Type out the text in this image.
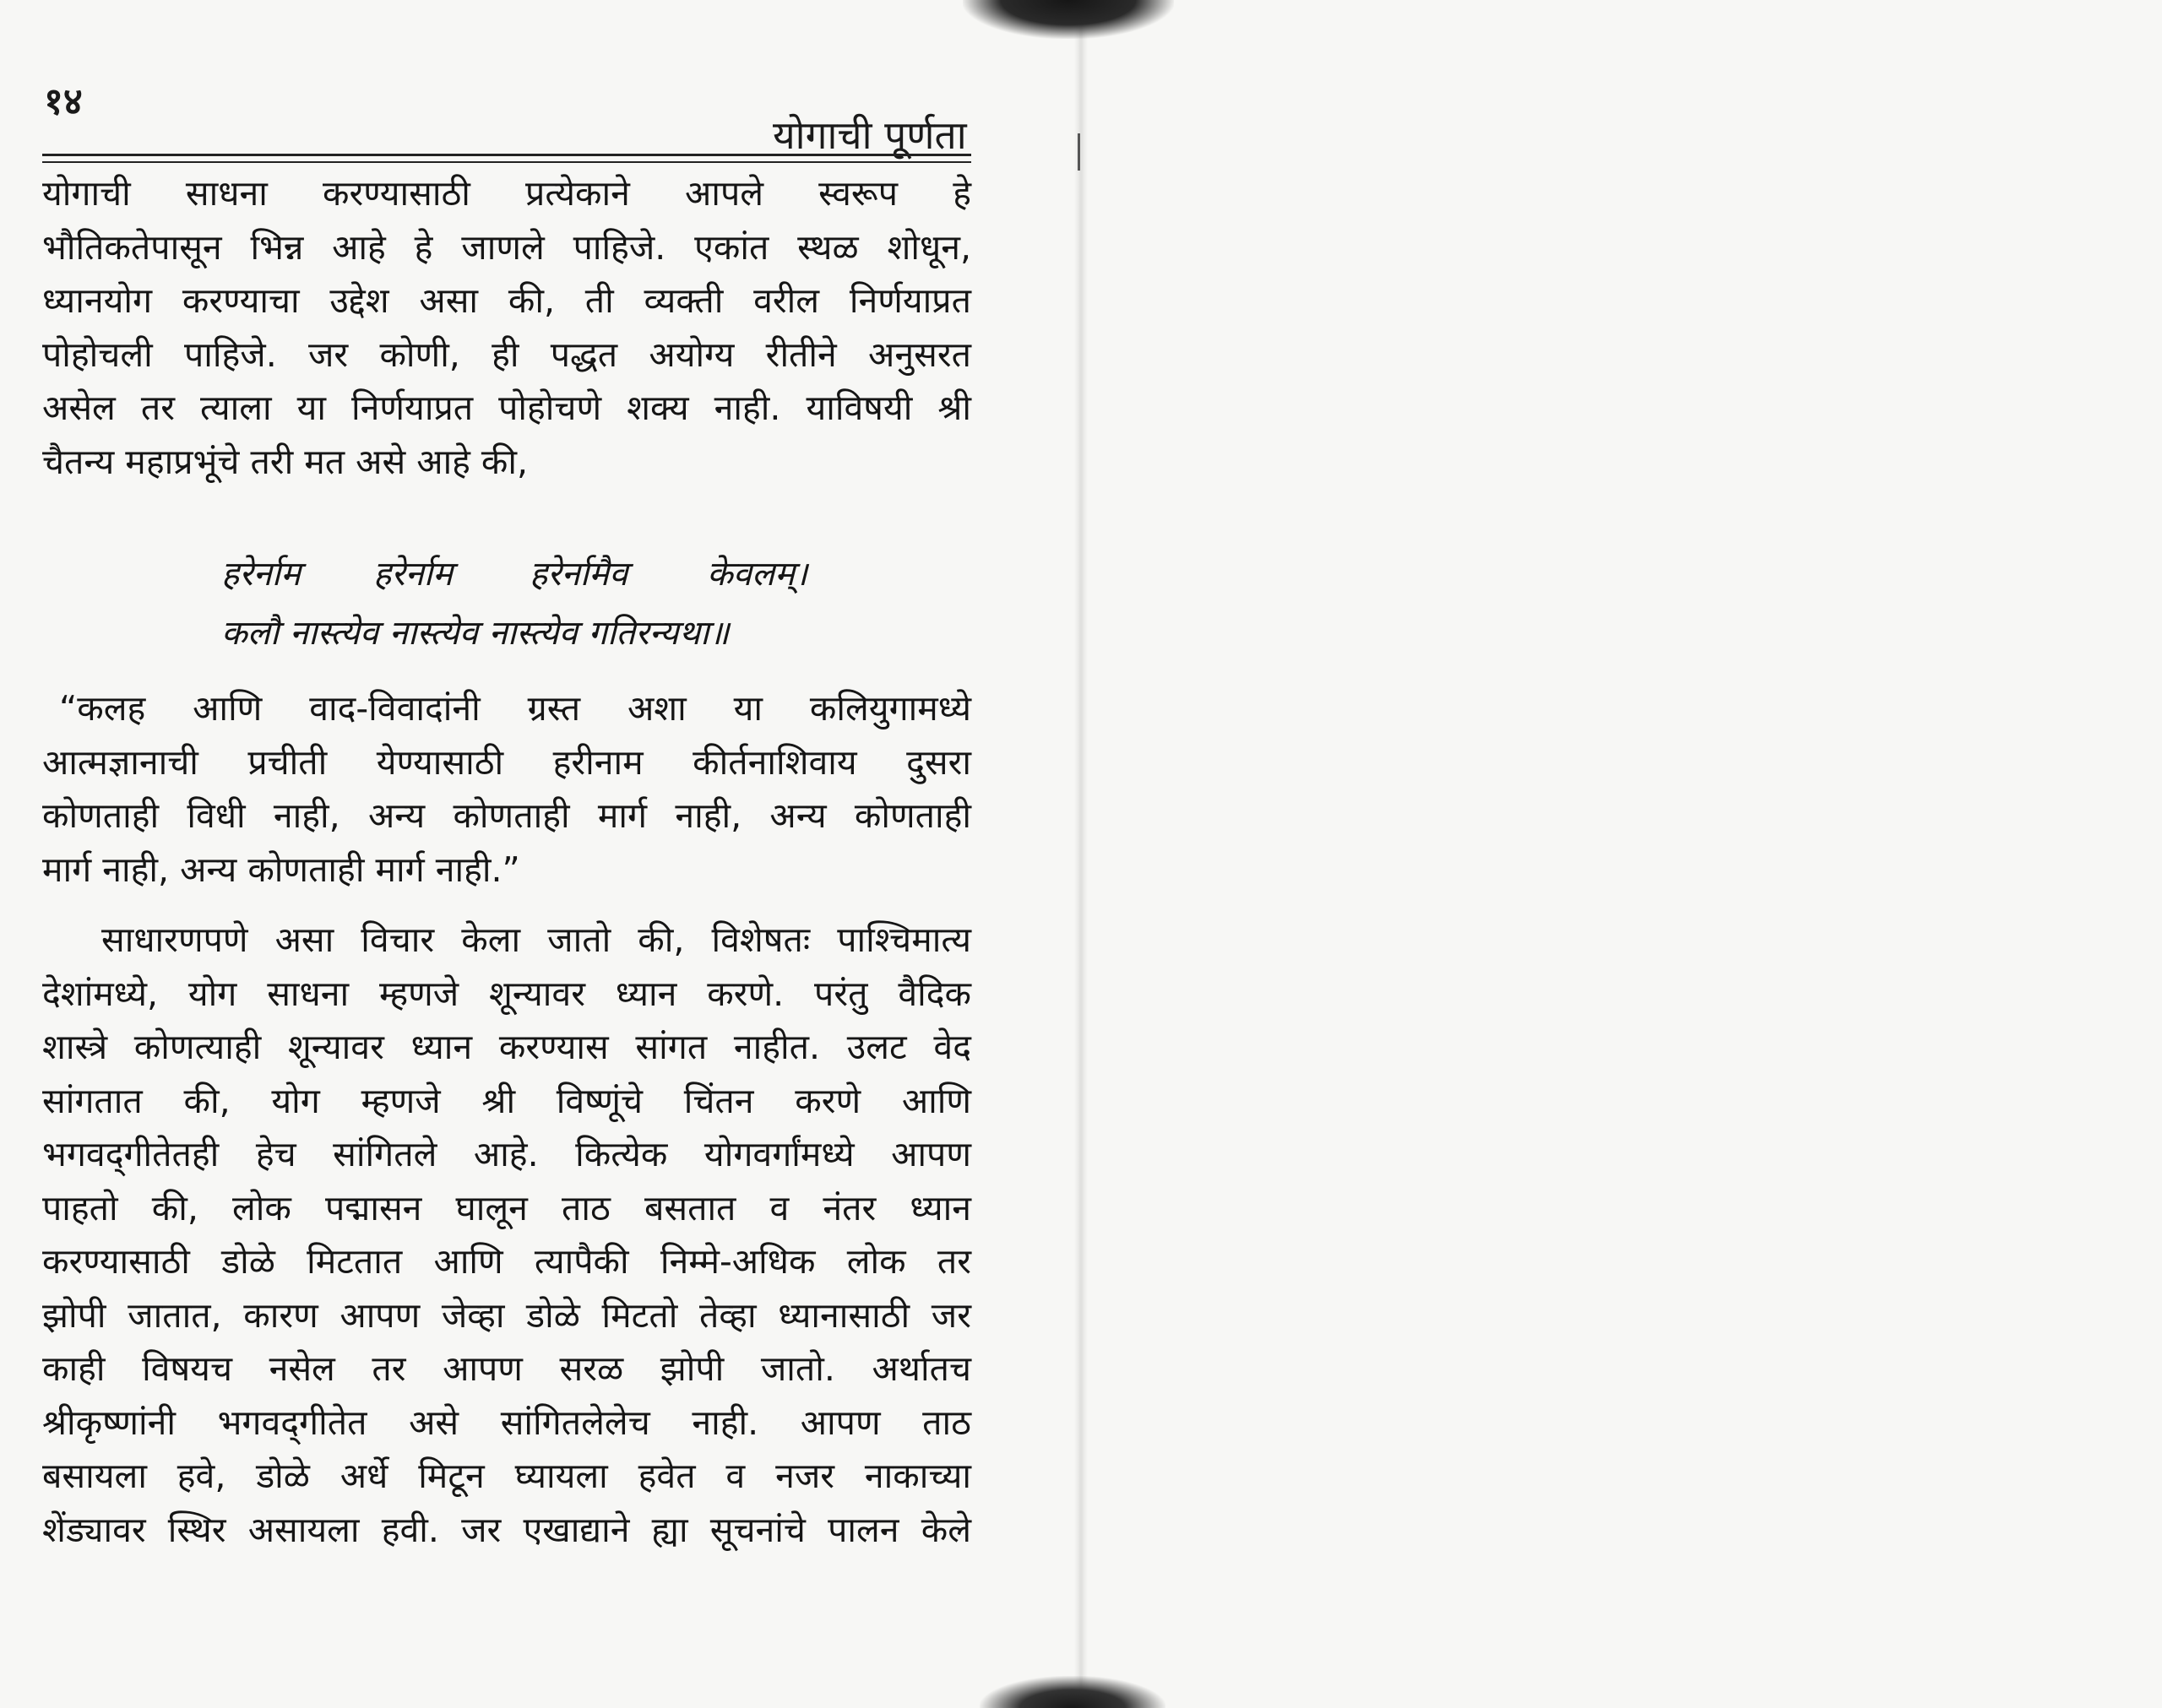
१४
योगाची पूर्णता
योगाची साधना करण्यासाठी प्रत्येकाने आपले स्वरूप हे
भौतिकतेपासून भिन्न आहे हे जाणले पाहिजे. एकांत स्थळ शोधून,
ध्यानयोग करण्याचा उद्देश असा की, ती व्यक्ती वरील निर्णयाप्रत
पोहोचली पाहिजे. जर कोणी, ही पद्धत अयोग्य रीतीने अनुसरत
असेल तर त्याला या निर्णयाप्रत पोहोचणे शक्य नाही. याविषयी श्री
चैतन्य महाप्रभूंचे तरी मत असे आहे की,
हरेर्नाम हरेर्नाम हरेर्नामैव केवलम्।
कलौ नास्त्येव नास्त्येव नास्त्येव गतिरन्यथा॥
“कलह आणि वाद-विवादांनी ग्रस्त अशा या कलियुगामध्ये
आत्मज्ञानाची प्रचीती येण्यासाठी हरीनाम कीर्तनाशिवाय दुसरा
कोणताही विधी नाही, अन्य कोणताही मार्ग नाही, अन्य कोणताही
मार्ग नाही, अन्य कोणताही मार्ग नाही.”
साधारणपणे असा विचार केला जातो की, विशेषतः पाश्चिमात्य
देशांमध्ये, योग साधना म्हणजे शून्यावर ध्यान करणे. परंतु वैदिक
शास्त्रे कोणत्याही शून्यावर ध्यान करण्यास सांगत नाहीत. उलट वेद
सांगतात की, योग म्हणजे श्री विष्णूंचे चिंतन करणे आणि
भगवद्‌गीतेतही हेच सांगितले आहे. कित्येक योगवर्गांमध्ये आपण
पाहतो की, लोक पद्मासन घालून ताठ बसतात व नंतर ध्यान
करण्यासाठी डोळे मिटतात आणि त्यापैकी निम्मे-अधिक लोक तर
झोपी जातात, कारण आपण जेव्हा डोळे मिटतो तेव्हा ध्यानासाठी जर
काही विषयच नसेल तर आपण सरळ झोपी जातो. अर्थातच
श्रीकृष्णांनी भगवद्‌गीतेत असे सांगितलेलेच नाही. आपण ताठ
बसायला हवे, डोळे अर्धे मिटून घ्यायला हवेत व नजर नाकाच्या
शेंड्यावर स्थिर असायला हवी. जर एखाद्याने ह्या सूचनांचे पालन केले
